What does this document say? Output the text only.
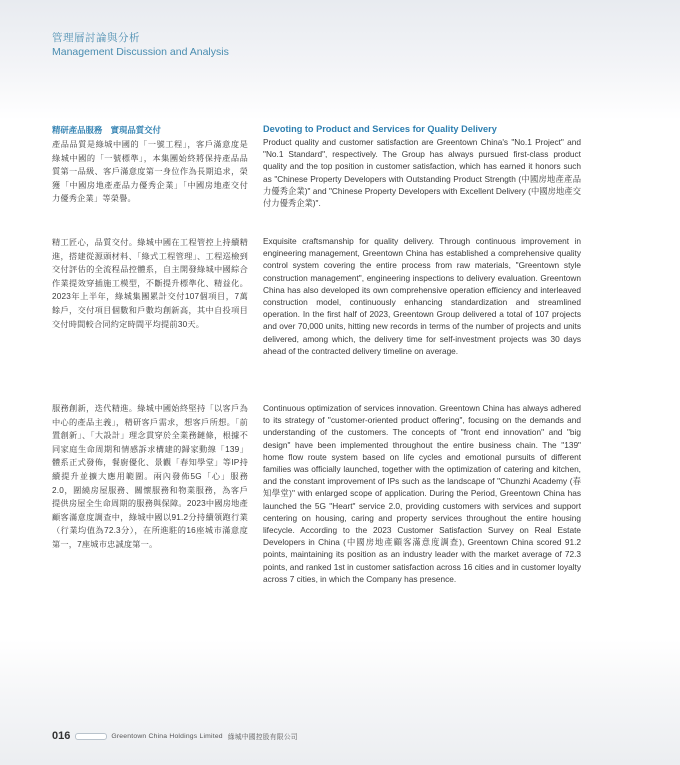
管理層討論與分析
Management Discussion and Analysis

精研產品服務　實現品質交付

產品品質是綠城中國的「一號工程」，客戶滿意度是綠城中國的「一號標準」，本集團始終將保持產品品質第一品級、客戶滿意度第一身位作為長期追求，榮獲「中國房地產產品力優秀企業」「中國房地產交付力優秀企業」等榮譽。

精工匠心，品質交付。綠城中國在工程管控上持續精進，搭建從源頭材料、「綠式工程管理」、工程巡檢到交付評估的全流程品控體系，自主開發綠城中國綜合作業提效穿插施工模型，不斷提升標準化、精益化。2023年上半年，綠城集團累計交付107個項目，7萬餘戶，交付項目個數和戶數均創新高，其中自投項目交付時間較合同約定時間平均提前30天。

服務創新，迭代精進。綠城中國始終堅持「以客戶為中心的產品主義」，精研客戶需求，想客戶所想。「前置創新」、「大設計」理念貫穿於全業務鏈條，根據不同家庭生命周期和情感訴求構建的歸家動線「139」體系正式發佈，餐廚優化、景觀「春知學堂」等IP持續提升並擴大應用範圍。兩內發佈5G「心」服務2.0，圍繞房屋服務、關懷服務和物業服務，為客戶提供房屋全生命周期的服務與保障。2023中國房地產顧客滿意度調查中，綠城中國以91.2分持續領跑行業（行業均值為72.3分），在所進駐的16座城市滿意度第一，7座城市忠誠度第一。

Devoting to Product and Services for Quality Delivery

Product quality and customer satisfaction are Greentown China's "No.1 Project" and "No.1 Standard", respectively. The Group has always pursued first-class product quality and the top position in customer satisfaction, which has earned it honors such as "Chinese Property Developers with Outstanding Product Strength (中國房地產產品力優秀企業)" and "Chinese Property Developers with Excellent Delivery (中國房地產交付力優秀企業)".

Exquisite craftsmanship for quality delivery. Through continuous improvement in engineering management, Greentown China has established a comprehensive quality control system covering the entire process from raw materials, "Greentown style construction management", engineering inspections to delivery evaluation. Greentown China has also developed its own comprehensive operation efficiency and interleaved construction model, continuously enhancing standardization and streamlined operation. In the first half of 2023, Greentown Group delivered a total of 107 projects and over 70,000 units, hitting new records in terms of the number of projects and units delivered, among which, the delivery time for self-investment projects was 30 days ahead of the contracted delivery timeline on average.

Continuous optimization of services innovation. Greentown China has always adhered to its strategy of "customer-oriented product offering", focusing on the demands and understanding of the customers. The concepts of "front end innovation" and "big design" have been implemented throughout the entire business chain. The "139" home flow route system based on life cycles and emotional pursuits of different families was officially launched, together with the optimization of catering and kitchen, and the constant improvement of IPs such as the landscape of "Chunzhi Academy (春知學堂)" with enlarged scope of application. During the Period, Greentown China has launched the 5G "Heart" service 2.0, providing customers with services and support centering on housing, caring and property services throughout the entire housing lifecycle. According to the 2023 Customer Satisfaction Survey on Real Estate Developers in China (中國房地產顧客滿意度調查), Greentown China scored 91.2 points, maintaining its position as an industry leader with the market average of 72.3 points, and ranked 1st in customer satisfaction across 16 cities and in customer loyalty across 7 cities, in which the Company has presence.

016	Greentown China Holdings Limited 綠城中國控股有限公司
